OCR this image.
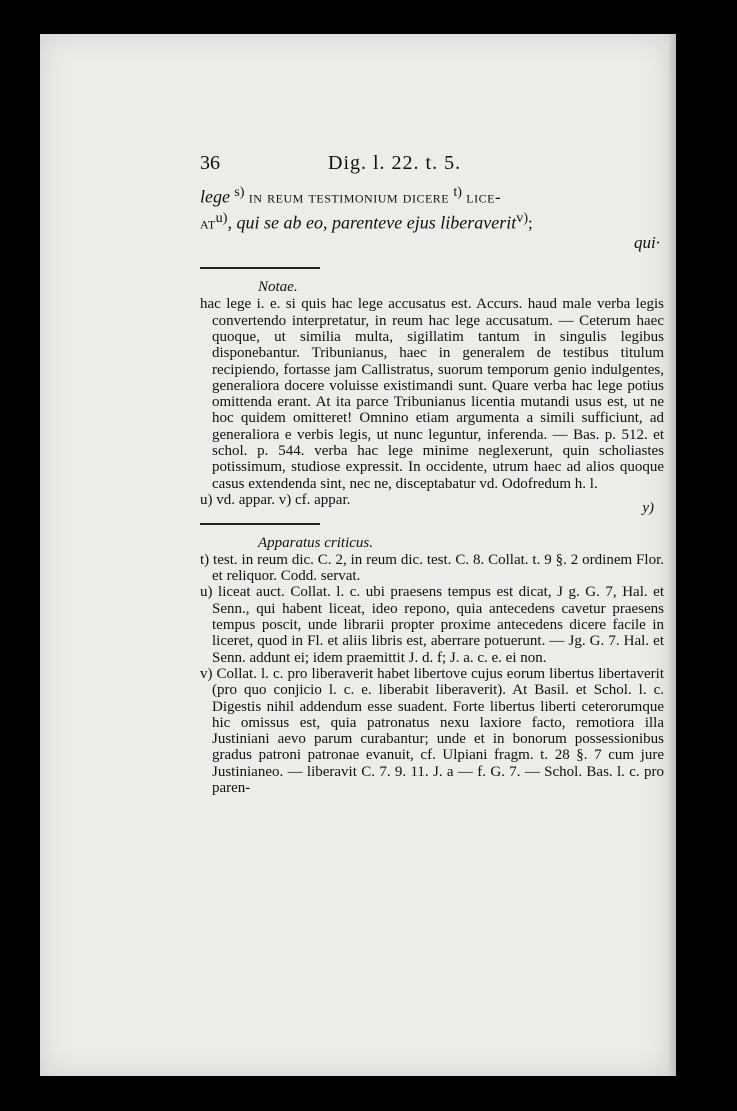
36	Dig. l. 22. t. 5.
lege $^{s)}$ in reum testimonium dicere $^{t)}$ lice-
$at^{u)}$, qui se ab eo, parenteve ejus liberaverit$^{v)}$;
qui·
Notae.
hac lege i. e. si quis hac lege accusatus est. Accurs. haud male verba legis convertendo interpretatur, in reum hac lege accusatum. — Ceterum haec quoque, ut similia multa, sigillatim tantum in singulis legibus disponebantur. Tribunianus, haec in generalem de testibus titulum recipiendo, fortasse jam Callistratus, suorum temporum genio indulgentes, generaliora docere voluisse existimandi sunt. Quare verba hac lege potius omittenda erant. At ita parce Tribunianus licentia mutandi usus est, ut ne hoc quidem omitteret! Omnino etiam argumenta a simili sufficiunt, ad generaliora e verbis legis, ut nunc leguntur, inferenda. — Bas. p. 512. et schol. p. 544. verba hac lege minime neglexerunt, quin scholiastes potissimum, studiose expressit. In occidente, utrum haec ad alios quoque casus extendenda sint, nec ne, disceptabatur vd. Odofredum h. l.
u) vd. appar. v) cf. appar.	y)
Apparatus criticus.
t) test. in reum dic. C. 2, in reum dic. test. C. 8. Collat. t. 9 §. 2 ordinem Flor. et reliquor. Codd. servat.
u) liceat auct. Collat. l. c. ubi praesens tempus est dicat, J g. G. 7, Hal. et Senn., qui habent liceat, ideo repono, quia antecedens cavetur praesens tempus poscit, unde librarii propter proxime antecedens dicere facile in liceret, quod in Fl. et aliis libris est, aberrare potuerunt. — Jg. G. 7. Hal. et Senn. addunt ei; idem praemittit J. d. f; J. a. c. e. ei non.
v) Collat. l. c. pro liberaverit habet libertove cujus eorum libertus libertaverit (pro quo conjicio l. c. e. liberabit liberaverit). At Basil. et Schol. l. c. Digestis nihil addendum esse suadent. Forte libertus liberti ceterorumque hic omissus est, quia patronatus nexu laxiore facto, remotiora illa Justiniani aevo parum curabantur; unde et in bonorum possessionibus gradus patroni patronae evanuit, cf. Ulpiani fragm. t. 28 §. 7 cum jure Justinianeo. — liberavit C. 7. 9. 11. J. a — f. G. 7. — Schol. Bas. l. c. pro paren-
